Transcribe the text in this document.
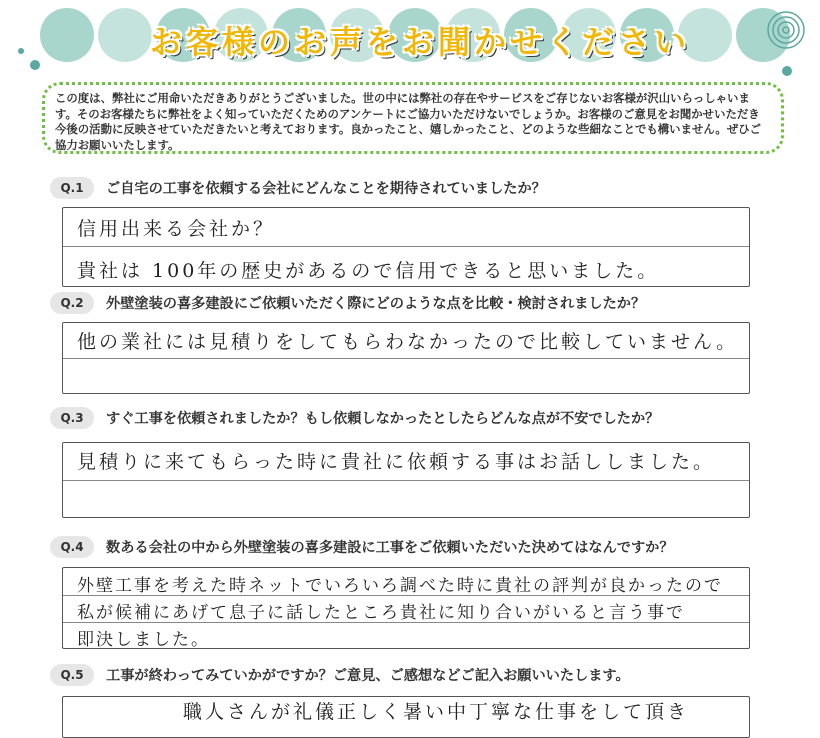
お客様のお声をお聞かせください
この度は、弊社にご用命いただきありがとうございました。世の中には弊社の存在やサービスをご存じないお客様が沢山いらっしゃいます。そのお客様たちに弊社をよく知っていただくためのアンケートにご協力いただけないでしょうか。お客様のご意見をお聞かせいただき今後の活動に反映させていただきたいと考えております。良かったこと、嬉しかったこと、どのような些細なことでも構いません。ぜひご協力お願いいたします。
Q.1	ご自宅の工事を依頼する会社にどんなことを期待されていましたか？
信用出来る会社か？
貴社は 100年の歴史があるので信用できると思いました。
Q.2	外壁塗装の喜多建設にご依頼いただく際にどのような点を比較・検討されましたか？
他の業社には見積りをしてもらわなかったので比較していません。
Q.3	すぐ工事を依頼されましたか？もし依頼しなかったとしたらどんな点が不安でしたか？
見積りに来てもらった時に貴社に依頼する事はお話ししました。
Q.4	数ある会社の中から外壁塗装の喜多建設に工事をご依頼いただいた決めてはなんですか？
外壁工事を考えた時ネットでいろいろ調べた時に貴社の評判が良かったので
私が候補にあげて息子に話したところ貴社に知り合いがいると言う事で
即決しました。
Q.5	工事が終わってみていかがですか？ご意見、ご感想などご記入お願いいたします。
職人さんが礼儀正しく暑い中丁寧な仕事をして頂き
